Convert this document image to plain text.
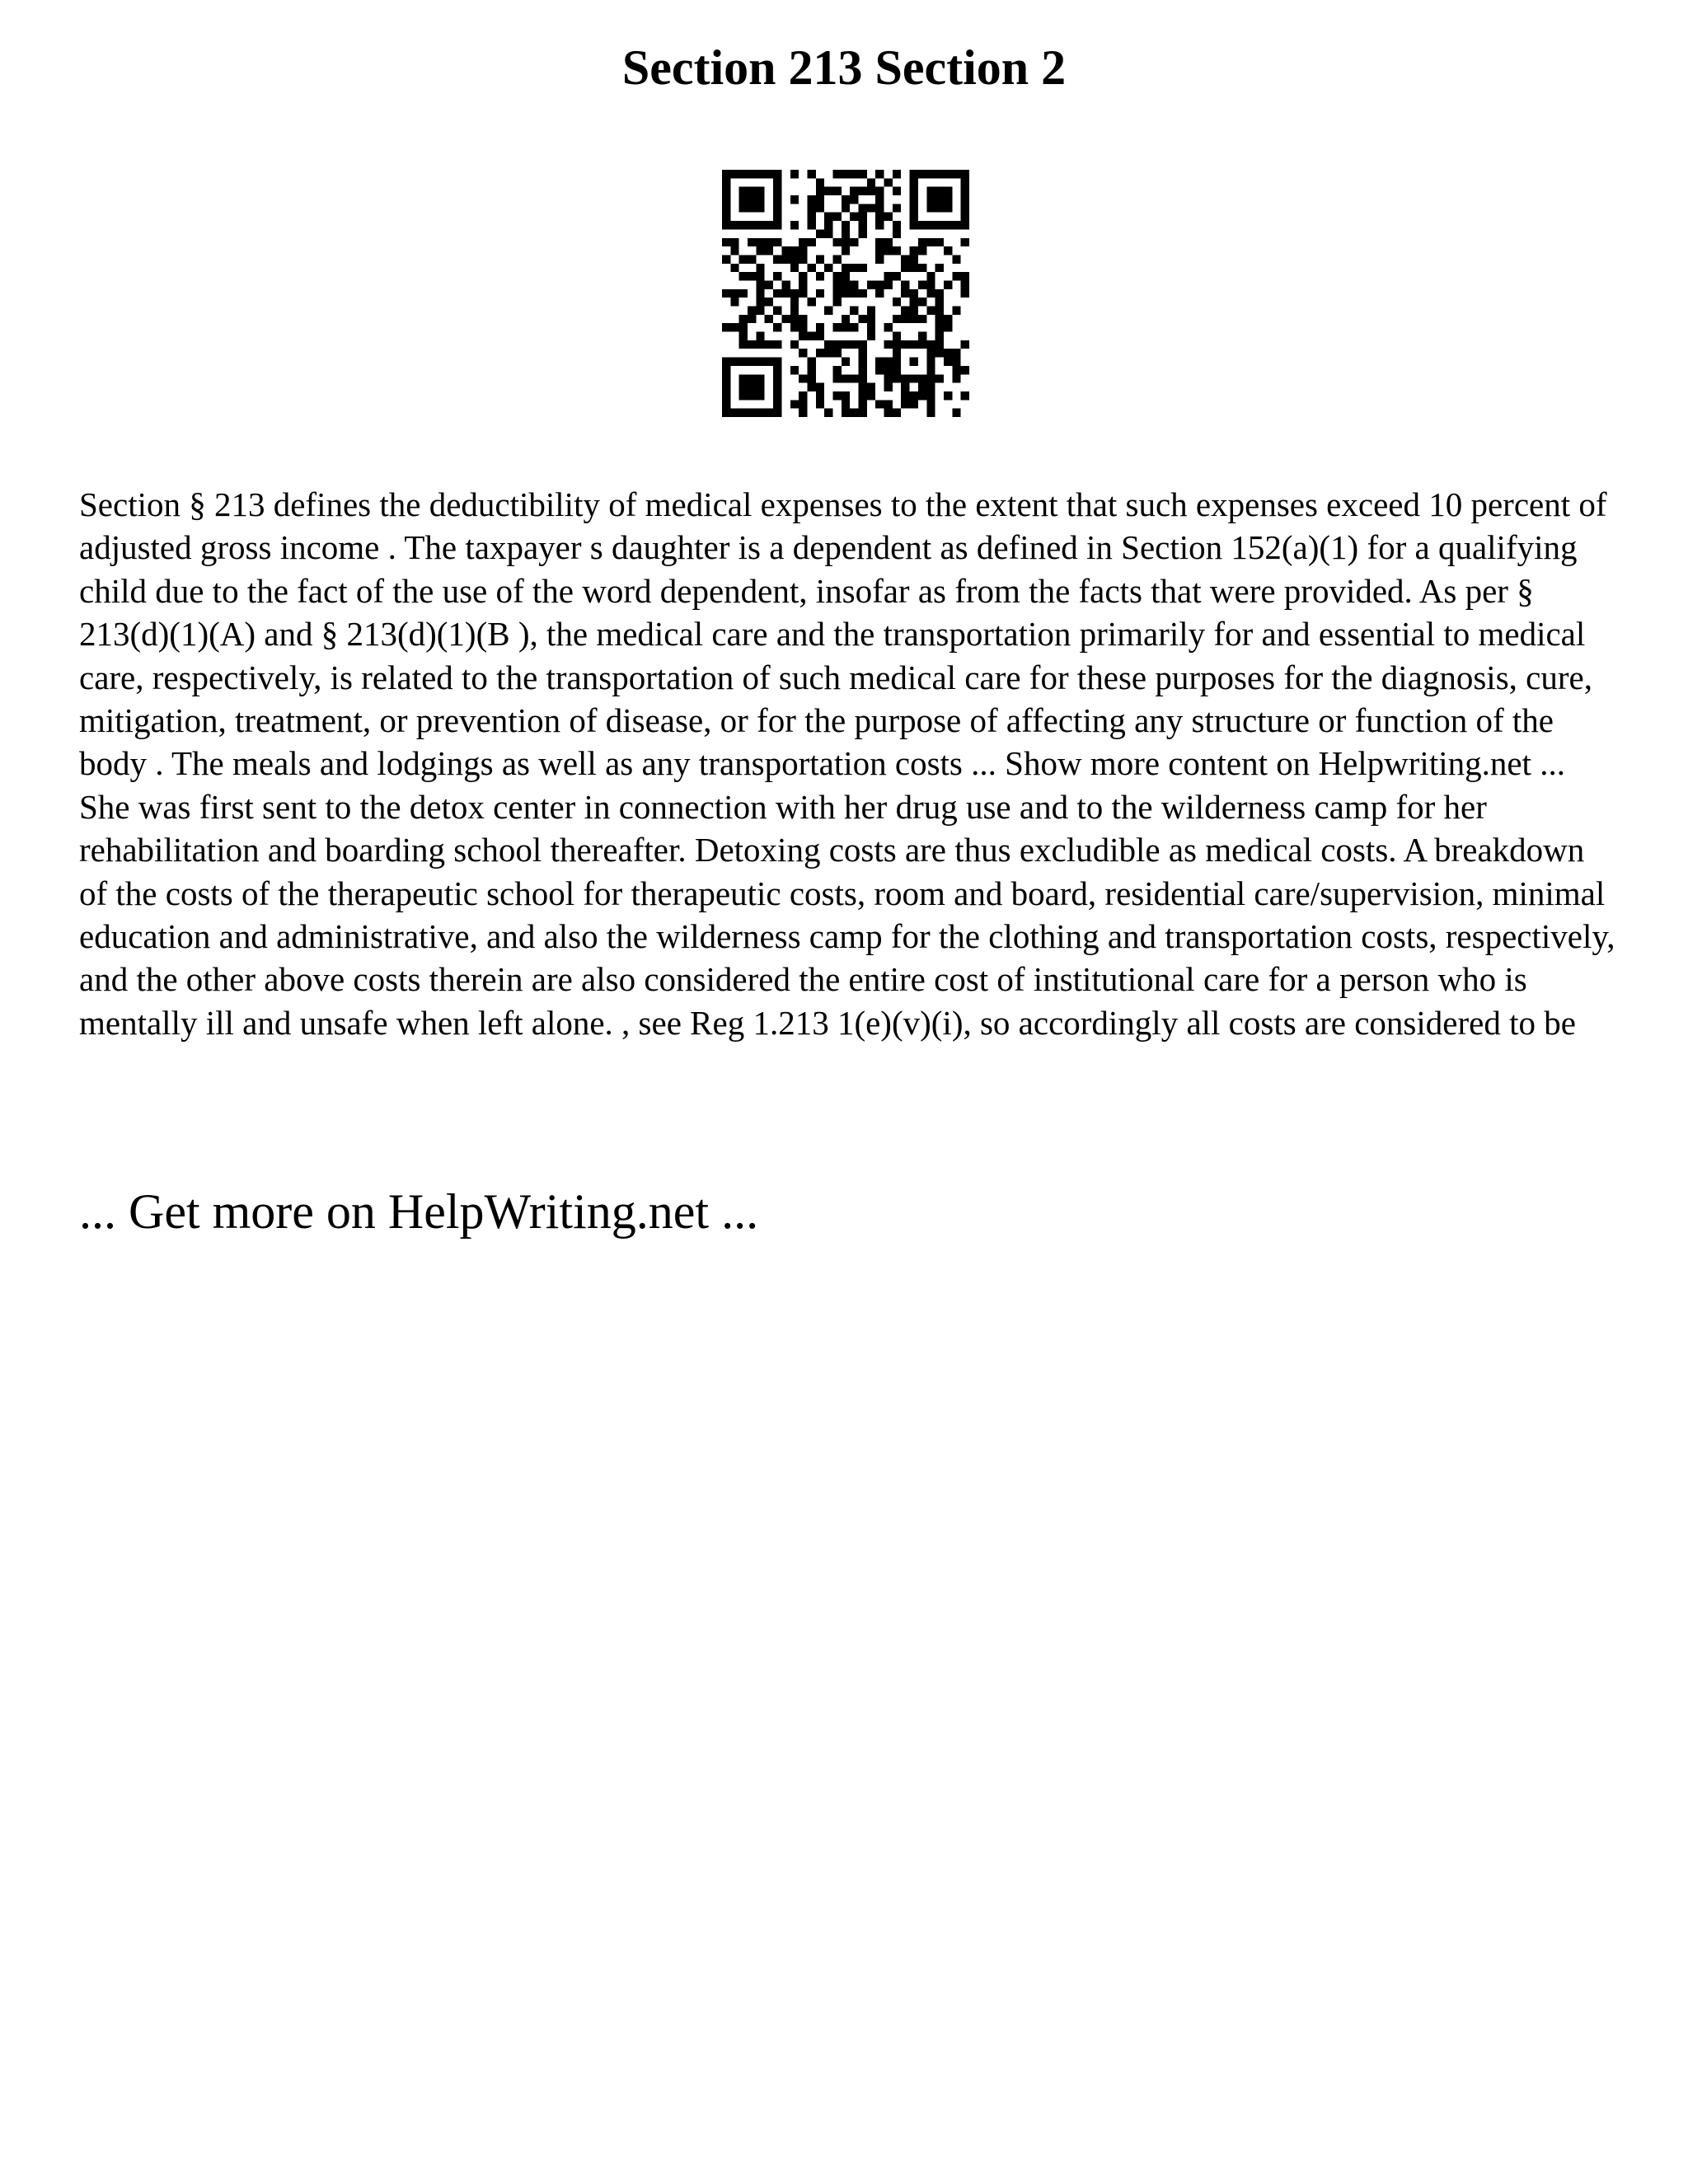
Section 213 Section 2

Section § 213 defines the deductibility of medical expenses to the extent that such expenses exceed 10 percent of adjusted gross income . The taxpayer s daughter is a dependent as defined in Section 152(a)(1) for a qualifying child due to the fact of the use of the word dependent, insofar as from the facts that were provided. As per § 213(d)(1)(A) and § 213(d)(1)(B ), the medical care and the transportation primarily for and essential to medical care, respectively, is related to the transportation of such medical care for these purposes for the diagnosis, cure, mitigation, treatment, or prevention of disease, or for the purpose of affecting any structure or function of the body . The meals and lodgings as well as any transportation costs ... Show more content on Helpwriting.net ...

She was first sent to the detox center in connection with her drug use and to the wilderness camp for her rehabilitation and boarding school thereafter. Detoxing costs are thus excludible as medical costs. A breakdown of the costs of the therapeutic school for therapeutic costs, room and board, residential care/supervision, minimal education and administrative, and also the wilderness camp for the clothing and transportation costs, respectively, and the other above costs therein are also considered the entire cost of institutional care for a person who is mentally ill and unsafe when left alone. , see Reg 1.213 1(e)(v)(i), so accordingly all costs are considered to be

... Get more on HelpWriting.net ...
